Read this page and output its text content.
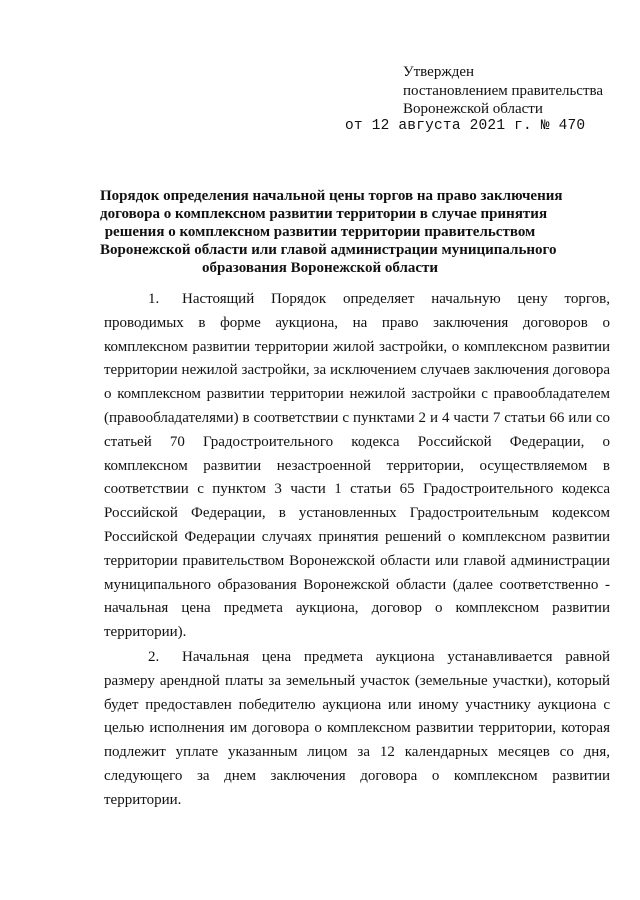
Утвержден
постановлением правительства
Воронежской области
от 12 августа 2021 г. № 470
Порядок определения начальной цены торгов на право заключения
договора о комплексном развитии территории в случае принятия
решения о комплексном развитии территории правительством
Воронежской области или главой администрации муниципального
образования Воронежской области

1. Настоящий Порядок определяет начальную цену торгов, проводимых в форме аукциона, на право заключения договоров о комплексном развитии территории жилой застройки, о комплексном развитии территории нежилой застройки, за исключением случаев заключения договора о комплексном развитии территории нежилой застройки с правообладателем (правообладателями) в соответствии с пунктами 2 и 4 части 7 статьи 66 или со статьей 70 Градостроительного кодекса Российской Федерации, о комплексном развитии незастроенной территории, осуществляемом в соответствии с пунктом 3 части 1 статьи 65 Градостроительного кодекса Российской Федерации, в установленных Градостроительным кодексом Российской Федерации случаях принятия решений о комплексном развитии территории правительством Воронежской области или главой администрации муниципального образования Воронежской области (далее соответственно - начальная цена предмета аукциона, договор о комплексном развитии территории).

2. Начальная цена предмета аукциона устанавливается равной размеру арендной платы за земельный участок (земельные участки), который будет предоставлен победителю аукциона или иному участнику аукциона с целью исполнения им договора о комплексном развитии территории, которая подлежит уплате указанным лицом за 12 календарных месяцев со дня, следующего за днем заключения договора о комплексном развитии территории.
